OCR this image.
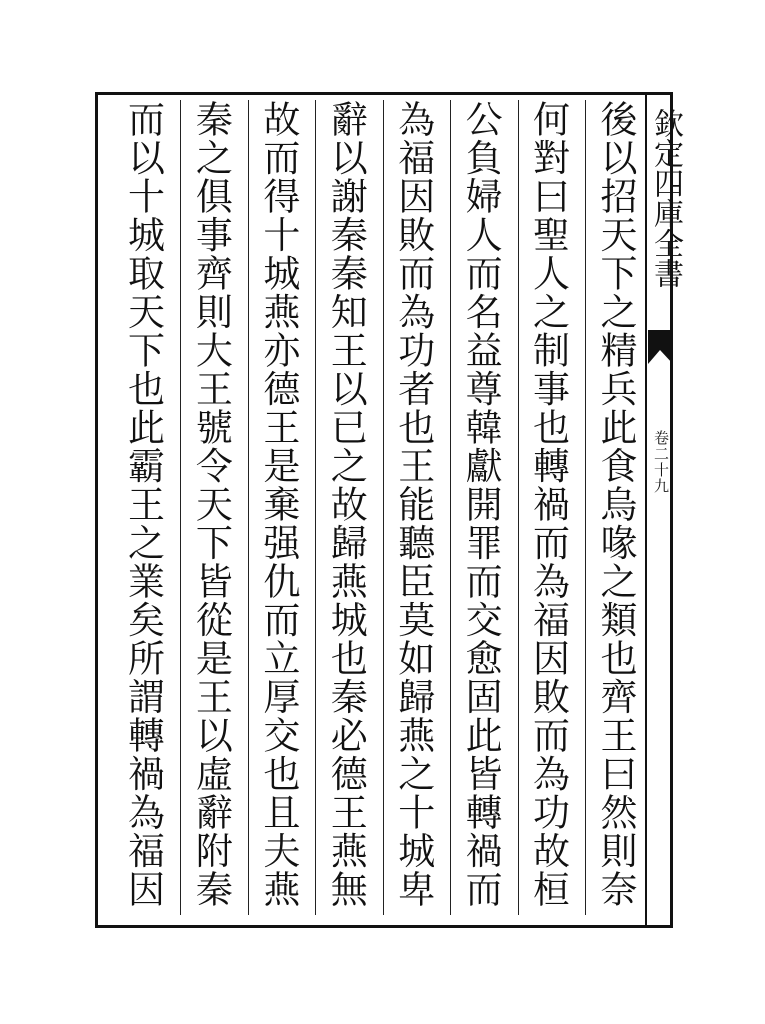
欽定四庫全書
卷二十九
後以招天下之精兵此食烏喙之類也齊王曰然則奈
何對曰聖人之制事也轉禍而為福因敗而為功故桓
公負婦人而名益尊韓獻開罪而交愈固此皆轉禍而
為福因敗而為功者也王能聽臣莫如歸燕之十城卑
辭以謝秦秦知王以已之故歸燕城也秦必德王燕無
故而得十城燕亦德王是棄强仇而立厚交也且夫燕
秦之俱事齊則大王號令天下皆從是王以虛辭附秦
而以十城取天下也此霸王之業矣所謂轉禍為福因
